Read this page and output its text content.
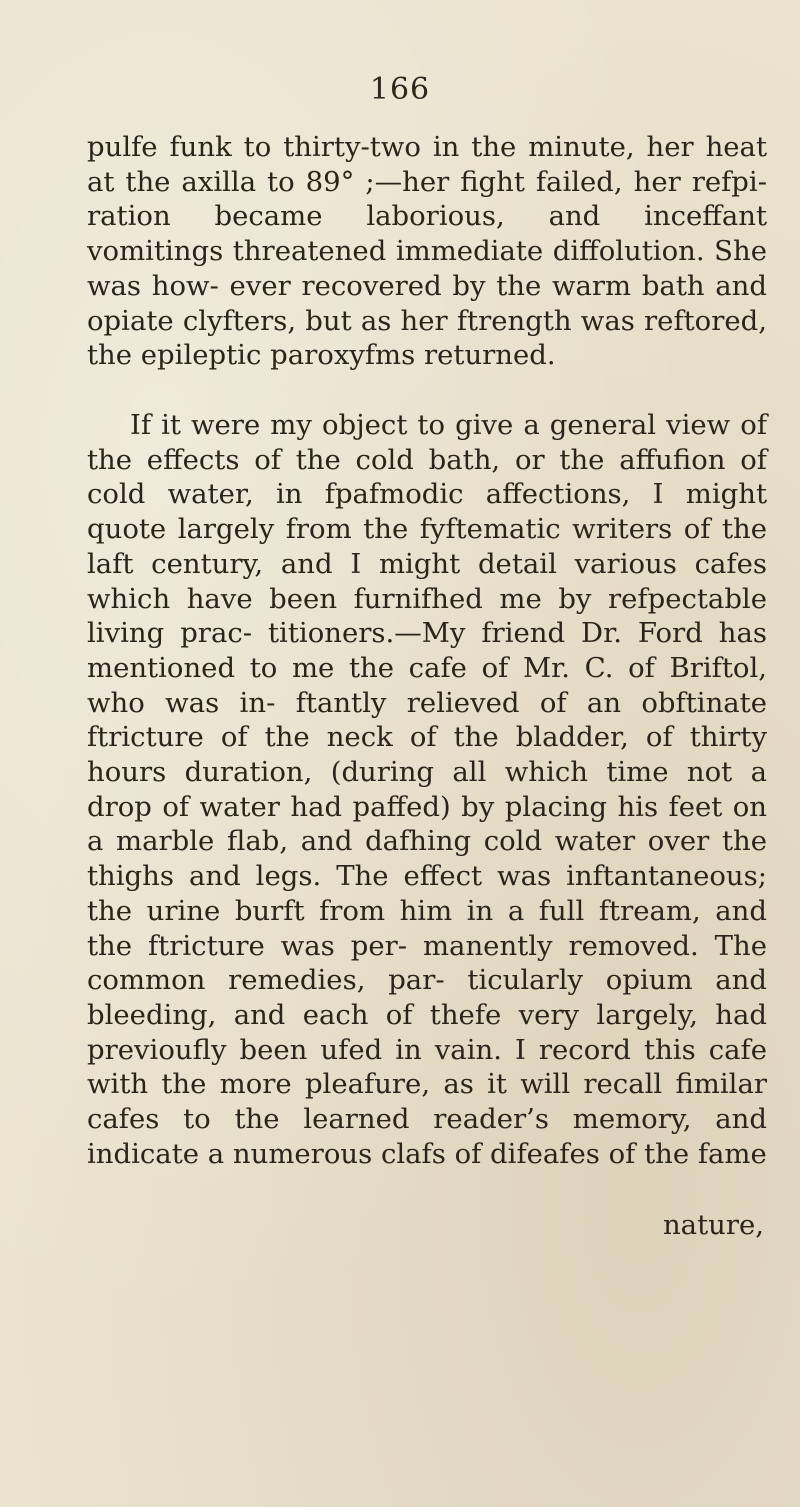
166

pulfe funk to thirty-two in the minute, her heat at the axilla to 89° ;—her fight failed, her refpi- ration became laborious, and inceffant vomitings threatened immediate diffolution. She was how- ever recovered by the warm bath and opiate clyfters, but as her ftrength was reftored, the epileptic paroxyfms returned.

If it were my object to give a general view of the effects of the cold bath, or the affufion of cold water, in fpafmodic affections, I might quote largely from the fyftematic writers of the laft century, and I might detail various cafes which have been furnifhed me by refpectable living prac- titioners.—My friend Dr. Ford has mentioned to me the cafe of Mr. C. of Briftol, who was in- ftantly relieved of an obftinate ftricture of the neck of the bladder, of thirty hours duration, (during all which time not a drop of water had paffed) by placing his feet on a marble flab, and dafhing cold water over the thighs and legs. The effect was inftantaneous; the urine burft from him in a full ftream, and the ftricture was per- manently removed. The common remedies, par- ticularly opium and bleeding, and each of thefe very largely, had previoufly been ufed in vain. I record this cafe with the more pleafure, as it will recall fimilar cafes to the learned reader’s memory, and indicate a numerous clafs of difeafes of the fame

nature,
